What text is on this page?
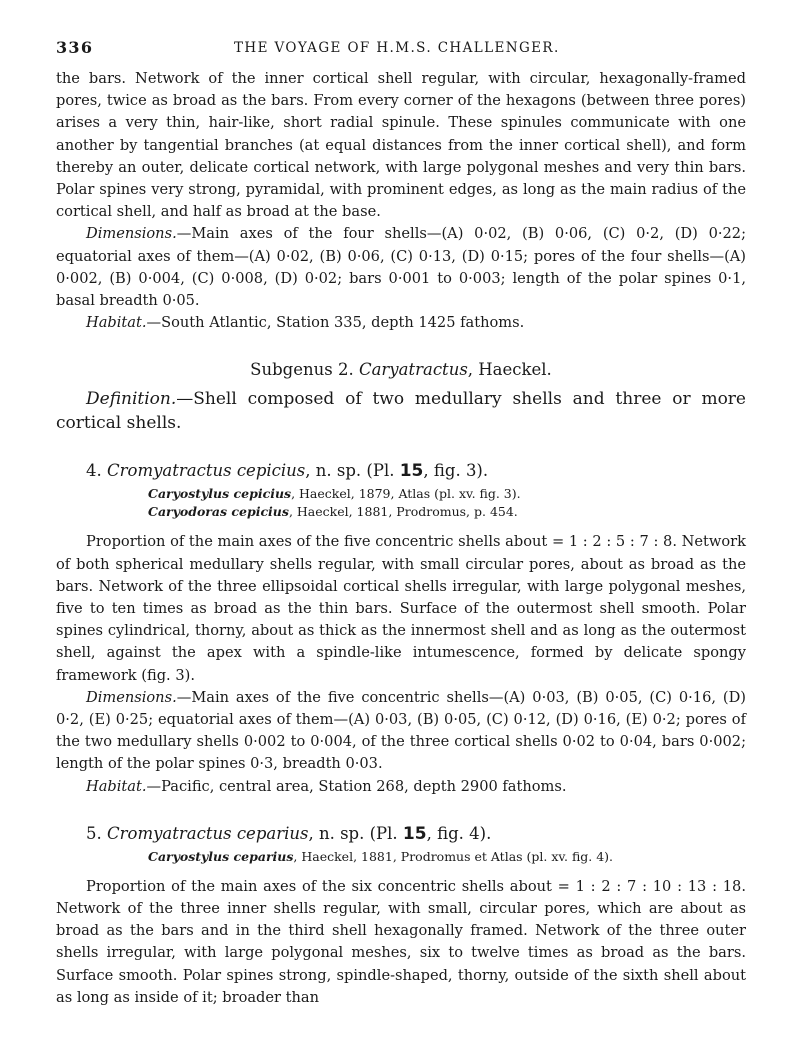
336	THE VOYAGE OF H.M.S. CHALLENGER.

the bars. Network of the inner cortical shell regular, with circular, hexagonally-framed pores, twice as broad as the bars. From every corner of the hexagons (between three pores) arises a very thin, hair-like, short radial spinule. These spinules communicate with one another by tangential branches (at equal distances from the inner cortical shell), and form thereby an outer, delicate cortical network, with large polygonal meshes and very thin bars. Polar spines very strong, pyramidal, with prominent edges, as long as the main radius of the cortical shell, and half as broad at the base.

Dimensions.—Main axes of the four shells—(A) 0·02, (B) 0·06, (C) 0·2, (D) 0·22; equatorial axes of them—(A) 0·02, (B) 0·06, (C) 0·13, (D) 0·15; pores of the four shells—(A) 0·002, (B) 0·004, (C) 0·008, (D) 0·02; bars 0·001 to 0·003; length of the polar spines 0·1, basal breadth 0·05.

Habitat.—South Atlantic, Station 335, depth 1425 fathoms.

Subgenus 2. Caryatractus, Haeckel.

Definition.—Shell composed of two medullary shells and three or more cortical shells.

4. Cromyatractus cepicius, n. sp. (Pl. 15, fig. 3).
Caryostylus cepicius, Haeckel, 1879, Atlas (pl. xv. fig. 3).
Caryodoras cepicius, Haeckel, 1881, Prodromus, p. 454.

Proportion of the main axes of the five concentric shells about = 1 : 2 : 5 : 7 : 8. Network of both spherical medullary shells regular, with small circular pores, about as broad as the bars. Network of the three ellipsoidal cortical shells irregular, with large polygonal meshes, five to ten times as broad as the thin bars. Surface of the outermost shell smooth. Polar spines cylindrical, thorny, about as thick as the innermost shell and as long as the outermost shell, against the apex with a spindle-like intumescence, formed by delicate spongy framework (fig. 3).

Dimensions.—Main axes of the five concentric shells—(A) 0·03, (B) 0·05, (C) 0·16, (D) 0·2, (E) 0·25; equatorial axes of them—(A) 0·03, (B) 0·05, (C) 0·12, (D) 0·16, (E) 0·2; pores of the two medullary shells 0·002 to 0·004, of the three cortical shells 0·02 to 0·04, bars 0·002; length of the polar spines 0·3, breadth 0·03.

Habitat.—Pacific, central area, Station 268, depth 2900 fathoms.

5. Cromyatractus ceparius, n. sp. (Pl. 15, fig. 4).
Caryostylus ceparius, Haeckel, 1881, Prodromus et Atlas (pl. xv. fig. 4).

Proportion of the main axes of the six concentric shells about = 1 : 2 : 7 : 10 : 13 : 18. Network of the three inner shells regular, with small, circular pores, which are about as broad as the bars and in the third shell hexagonally framed. Network of the three outer shells irregular, with large polygonal meshes, six to twelve times as broad as the bars. Surface smooth. Polar spines strong, spindle-shaped, thorny, outside of the sixth shell about as long as inside of it; broader than
